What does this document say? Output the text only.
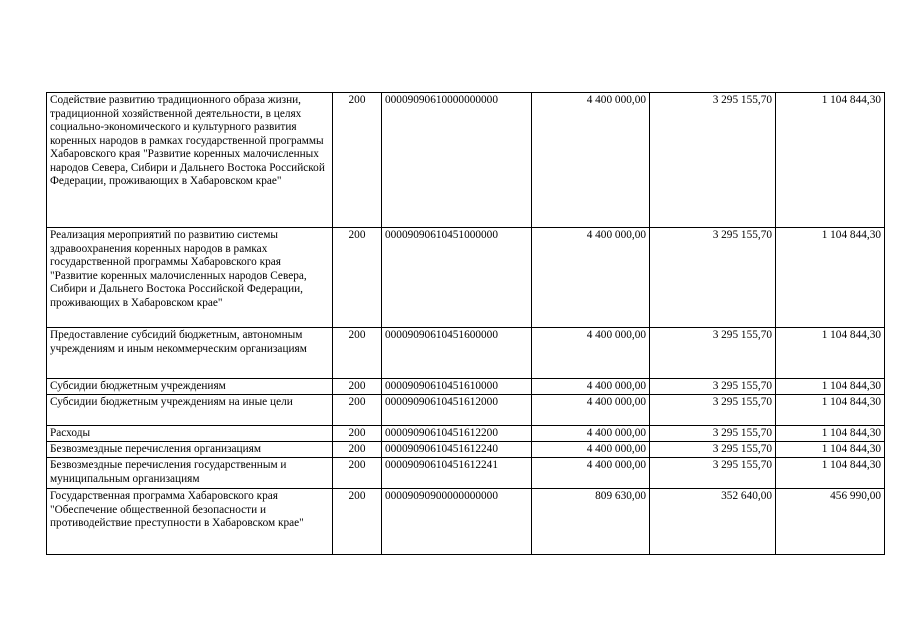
Содействие развитию традиционного образа жизни, традиционной хозяйственной деятельности, в целях социально-экономического и культурного развития коренных народов в рамках государственной программы Хабаровского края "Развитие коренных малочисленных народов Севера, Сибири и Дальнего Востока Российской Федерации, проживающих в Хабаровском крае"	200	00009090610000000000	4 400 000,00	3 295 155,70	1 104 844,30
Реализация мероприятий по развитию системы здравоохранения коренных народов в рамках государственной программы Хабаровского края "Развитие коренных малочисленных народов Севера, Сибири и Дальнего Востока Российской Федерации, проживающих в Хабаровском крае"	200	00009090610451000000	4 400 000,00	3 295 155,70	1 104 844,30
Предоставление субсидий бюджетным, автономным учреждениям и иным некоммерческим организациям	200	00009090610451600000	4 400 000,00	3 295 155,70	1 104 844,30
Субсидии бюджетным учреждениям	200	00009090610451610000	4 400 000,00	3 295 155,70	1 104 844,30
Субсидии бюджетным учреждениям на иные цели	200	00009090610451612000	4 400 000,00	3 295 155,70	1 104 844,30
Расходы	200	00009090610451612200	4 400 000,00	3 295 155,70	1 104 844,30
Безвозмездные перечисления организациям	200	00009090610451612240	4 400 000,00	3 295 155,70	1 104 844,30
Безвозмездные перечисления государственным и муниципальным организациям	200	00009090610451612241	4 400 000,00	3 295 155,70	1 104 844,30
Государственная программа Хабаровского края "Обеспечение общественной безопасности и противодействие преступности в Хабаровском крае"	200	00009090900000000000	809 630,00	352 640,00	456 990,00
